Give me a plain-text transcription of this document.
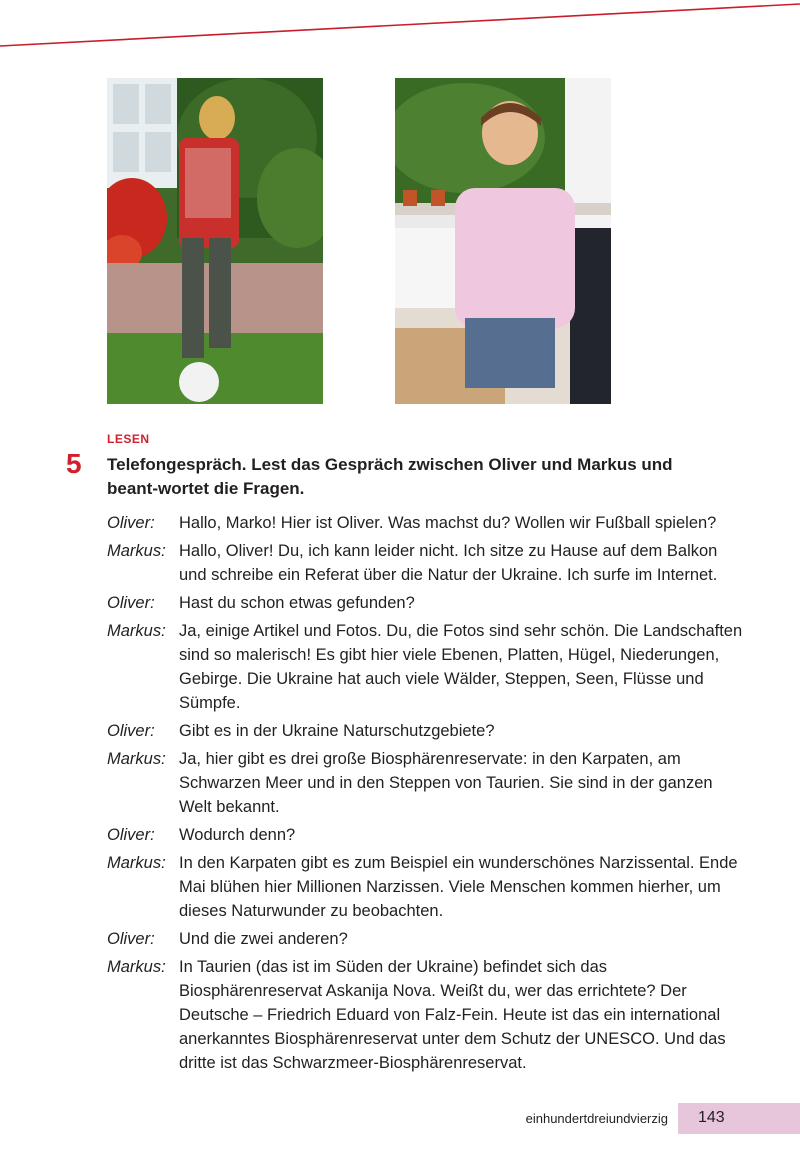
LESEN
5 Telefongespräch. Lest das Gespräch zwischen Oliver und Markus und beant-wortet die Fragen.
Oliver:	Hallo, Marko! Hier ist Oliver. Was machst du? Wollen wir Fußball spielen?
Markus: Hallo, Oliver! Du, ich kann leider nicht. Ich sitze zu Hause auf dem Balkon und schreibe ein Referat über die Natur der Ukraine. Ich surfe im Internet.
Oliver:	Hast du schon etwas gefunden?
Markus: Ja, einige Artikel und Fotos. Du, die Fotos sind sehr schön. Die Landschaften sind so malerisch! Es gibt hier viele Ebenen, Platten, Hügel, Niederungen, Gebirge. Die Ukraine hat auch viele Wälder, Steppen, Seen, Flüsse und Sümpfe.
Oliver:	Gibt es in der Ukraine Naturschutzgebiete?
Markus: Ja, hier gibt es drei große Biosphärenreservate: in den Karpaten, am Schwarzen Meer und in den Steppen von Taurien. Sie sind in der ganzen Welt bekannt.
Oliver:	Wodurch denn?
Markus: In den Karpaten gibt es zum Beispiel ein wunderschönes Narzissental. Ende Mai blühen hier Millionen Narzissen. Viele Menschen kommen hierher, um dieses Naturwunder zu beobachten.
Oliver:	Und die zwei anderen?
Markus: In Taurien (das ist im Süden der Ukraine) befindet sich das Biosphärenreservat Askanija Nova. Weißt du, wer das errichtete? Der Deutsche – Friedrich Eduard von Falz-Fein. Heute ist das ein international anerkanntes Biosphärenreservat unter dem Schutz der UNESCO. Und das dritte ist das Schwarzmeer-Biosphärenreservat.
einhundertdreiundvierzig 143
